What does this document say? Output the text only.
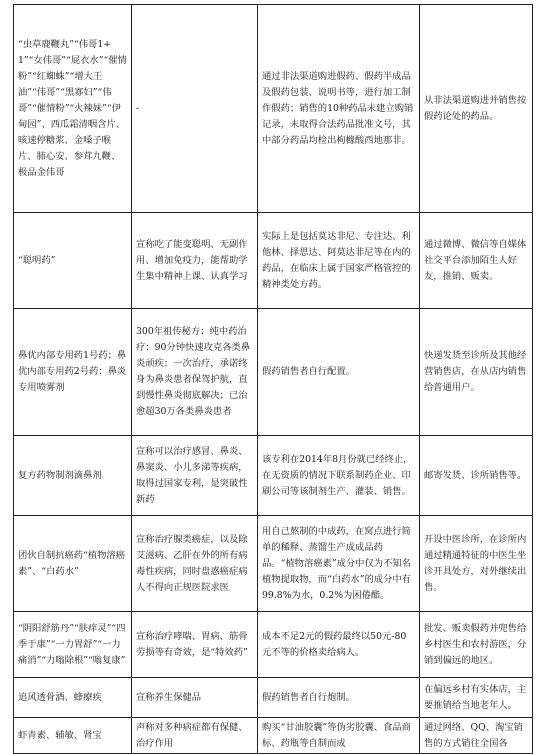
“虫草鹿鞭丸”“伟哥1+1”“女伟哥”“屁衣水”“催情粉”“红蜘蛛”“增大王油”“伟哥”“黑寡妇”“伟哥”“催情粉”“火辣妹”“伊甸园”、西瓜霜清咽含片、咳速停糖浆、金嗓子喉片、肺心安、参茸九鞭、极品金伟哥	-	通过非法渠道购进假药、假药半成品及假药包装、说明书等，进行加工制作假药；销售的10种药品未建立购销记录，未取得合法药品批准文号，其中部分药品均检出枸橼酸西地那非。	从非法渠道购进并销售按假药论处的药品。
“聪明药”	宣称吃了能变聪明、无副作用、增加免疫力，能帮助学生集中精神上课、认真学习	实际上是包括莫达非尼、专注达、利他林、择思达、阿莫达非尼等在内的药品，在临床上属于国家严格管控的精神类处方药。	通过微博、微信等自媒体社交平台添加陌生人好友，推销、贩卖。
鼻优内部专用药1号药；鼻优内部专用药2号药；鼻炎专用喷雾剂	300年祖传秘方；纯中药治疗；90分钟快速攻克各类鼻炎顽疾；一次治疗，承诺终身为鼻炎患者保驾护航，直到慢性鼻炎彻底解决；已治愈超30万各类鼻炎患者	假药销售者自行配置。	快递发货至诊所及其他经营销售店，在从店内销售给普通用户。
复方药物制剂滴鼻剂	宣称可以治疗感冒、鼻炎、鼻窦炎、小儿多涕等疾病，取得过国家专利，是突破性新药	该专利在2014年8月份就已经终止，在无资质的情况下联系制药企业、印刷公司等该制剂生产、灌装、销售。	邮寄发货、诊所销售等。
团伙自制抗癌药“植物溶癌素”、“白药水”	宣称治疗腺类癌症，以及除艾滋病、乙肝在外的所有病毒性疾病，同时盘惑癌症病人不得向正规医院求医	用自己熬制的中成药，在窝点进行简单的稀释、蒸馏生产成成品药品。“植物溶癌素”成分中仅为不知名植物提取物，而“白药水”的成分中有99.8%为水，0.2%为困倦酯。	开设中医诊所，在诊所内通过精通特征的中医生坐诊开具处方，对外继续出售。
“阴阳舒筋丹”“肤痒灵”“四季于康”“一力胃舒”“一力痛消”“力嗡除根”“嗡复康”	宣称治疗哮喘、胃病、筋骨劳损等有奇效，是“特效药”	成本不足2元的假药最终以50元-80元不等的价格卖给病人。	批发、贩卖假药并兜售给乡村医生和农村游医，分销到偏远的地区。
追风透骨酒、蜂療疾	宣称养生保健品	假药销售者自行炮制。	在偏远乡村有实体店，主要推销给当地老年人。
虾青素、辅敏、肾宝	声称对多种病症都有保健、治疗作用	购买“甘油胶囊”等伪劣胶囊、食品商标、药瓶等自制而成	通过网络、QQ、淘宝销售的方式销往全国各
